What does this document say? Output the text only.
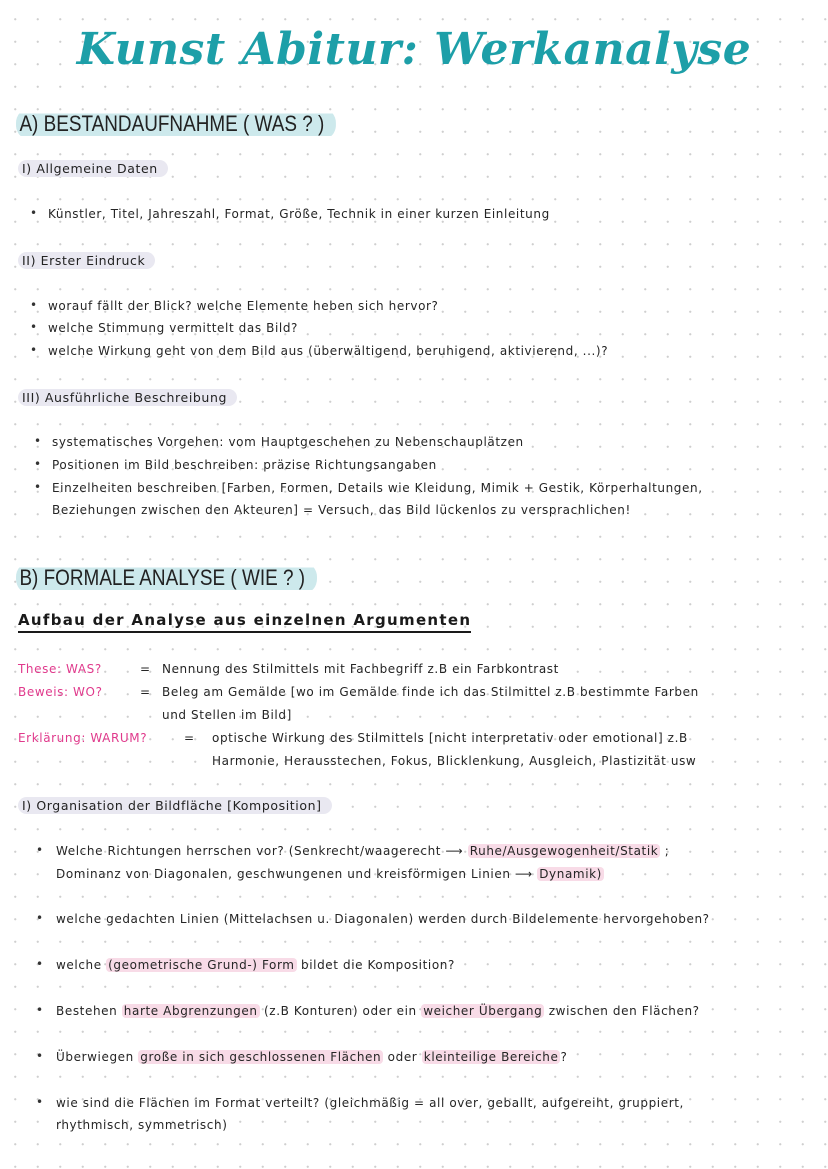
Kunst Abitur: Werkanalyse
A) BESTANDAUFNAHME ( WAS ? )
I) Allgemeine Daten
• Künstler, Titel, Jahreszahl, Format, Größe, Technik in einer kurzen Einleitung
II) Erster Eindruck
• worauf fällt der Blick? welche Elemente heben sich hervor?
• welche Stimmung vermittelt das Bild?
• welche Wirkung geht von dem Bild aus (überwältigend, beruhigend, aktivierend, ...)?
III) Ausführliche Beschreibung
• systematisches Vorgehen: vom Hauptgeschehen zu Nebenschauplätzen
• Positionen im Bild beschreiben: präzise Richtungsangaben
• Einzelheiten beschreiben [Farben, Formen, Details wie Kleidung, Mimik + Gestik, Körperhaltungen,
Beziehungen zwischen den Akteuren] = Versuch, das Bild lückenlos zu versprachlichen!
B) FORMALE ANALYSE ( WIE ? )
Aufbau der Analyse aus einzelnen Argumenten
These: WAS?	= Nennung des Stilmittels mit Fachbegriff z.B ein Farbkontrast
Beweis: WO?	= Beleg am Gemälde [wo im Gemälde finde ich das Stilmittel z.B bestimmte Farben
und Stellen im Bild]
Erklärung: WARUM?	= optische Wirkung des Stilmittels [nicht interpretativ oder emotional] z.B
Harmonie, Herausstechen, Fokus, Blicklenkung, Ausgleich, Plastizität usw
I) Organisation der Bildfläche [Komposition]
• Welche Richtungen herrschen vor? (Senkrecht/waagerecht ⟶ Ruhe/Ausgewogenheit/Statik ;
Dominanz von Diagonalen, geschwungenen und kreisförmigen Linien ⟶ Dynamik)
• welche gedachten Linien (Mittelachsen u. Diagonalen) werden durch Bildelemente hervorgehoben?
• welche (geometrische Grund-) Form bildet die Komposition?
• Bestehen harte Abgrenzungen (z.B Konturen) oder ein weicher Übergang zwischen den Flächen?
• Überwiegen große in sich geschlossenen Flächen oder kleinteilige Bereiche ?
• wie sind die Flächen im Format verteilt? (gleichmäßig = all over, geballt, aufgereiht, gruppiert,
rhythmisch, symmetrisch)
